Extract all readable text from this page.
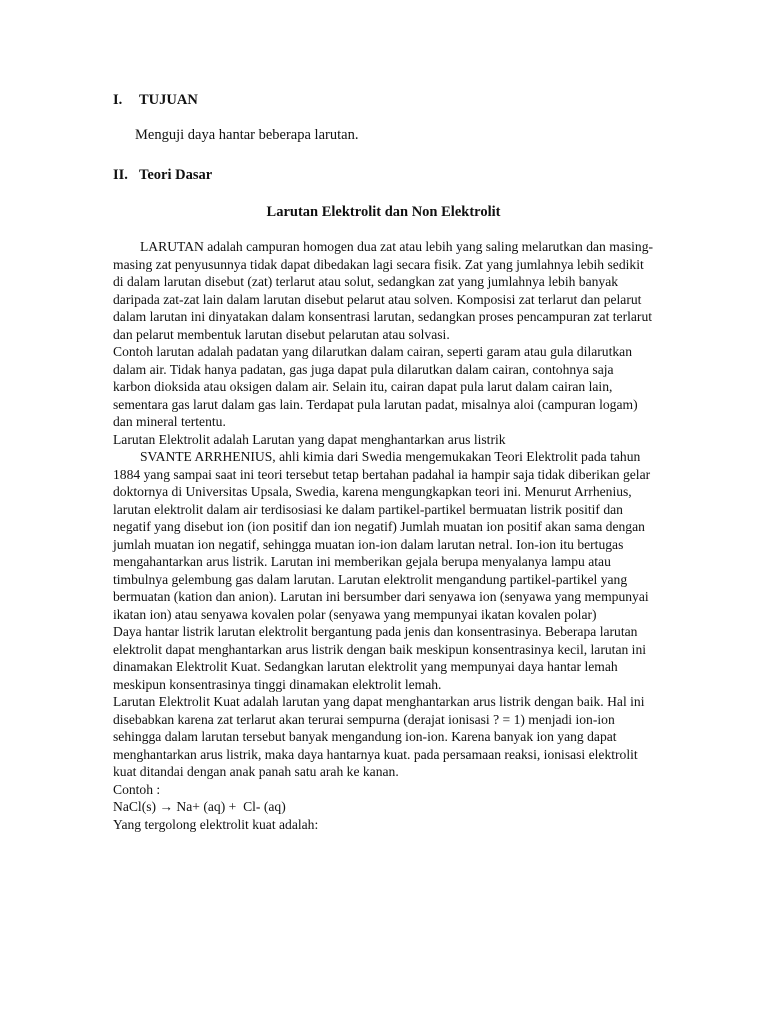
I. TUJUAN

Menguji daya hantar beberapa larutan.

II. Teori Dasar
Larutan Elektrolit dan Non Elektrolit

LARUTAN adalah campuran homogen dua zat atau lebih yang saling melarutkan dan masing-masing zat penyusunnya tidak dapat dibedakan lagi secara fisik. Zat yang jumlahnya lebih sedikit di dalam larutan disebut (zat) terlarut atau solut, sedangkan zat yang jumlahnya lebih banyak daripada zat-zat lain dalam larutan disebut pelarut atau solven. Komposisi zat terlarut dan pelarut dalam larutan ini dinyatakan dalam konsentrasi larutan, sedangkan proses pencampuran zat terlarut dan pelarut membentuk larutan disebut pelarutan atau solvasi.

Contoh larutan adalah padatan yang dilarutkan dalam cairan, seperti garam atau gula dilarutkan dalam air. Tidak hanya padatan, gas juga dapat pula dilarutkan dalam cairan, contohnya saja karbon dioksida atau oksigen dalam air. Selain itu, cairan dapat pula larut dalam cairan lain, sementara gas larut dalam gas lain. Terdapat pula larutan padat, misalnya aloi (campuran logam) dan mineral tertentu.

Larutan Elektrolit adalah Larutan yang dapat menghantarkan arus listrik

SVANTE ARRHENIUS, ahli kimia dari Swedia mengemukakan Teori Elektrolit pada tahun 1884 yang sampai saat ini teori tersebut tetap bertahan padahal ia hampir saja tidak diberikan gelar doktornya di Universitas Upsala, Swedia, karena mengungkapkan teori ini. Menurut Arrhenius, larutan elektrolit dalam air terdisosiasi ke dalam partikel-partikel bermuatan listrik positif dan negatif yang disebut ion (ion positif dan ion negatif) Jumlah muatan ion positif akan sama dengan jumlah muatan ion negatif, sehingga muatan ion-ion dalam larutan netral. Ion-ion itu bertugas mengahantarkan arus listrik. Larutan ini memberikan gejala berupa menyalanya lampu atau timbulnya gelembung gas dalam larutan. Larutan elektrolit mengandung partikel-partikel yang bermuatan (kation dan anion). Larutan ini bersumber dari senyawa ion (senyawa yang mempunyai ikatan ion) atau senyawa kovalen polar (senyawa yang mempunyai ikatan kovalen polar)

Daya hantar listrik larutan elektrolit bergantung pada jenis dan konsentrasinya. Beberapa larutan elektrolit dapat menghantarkan arus listrik dengan baik meskipun konsentrasinya kecil, larutan ini dinamakan Elektrolit Kuat. Sedangkan larutan elektrolit yang mempunyai daya hantar lemah meskipun konsentrasinya tinggi dinamakan elektrolit lemah.

Larutan Elektrolit Kuat adalah larutan yang dapat menghantarkan arus listrik dengan baik. Hal ini disebabkan karena zat terlarut akan terurai sempurna (derajat ionisasi ? = 1) menjadi ion-ion sehingga dalam larutan tersebut banyak mengandung ion-ion. Karena banyak ion yang dapat menghantarkan arus listrik, maka daya hantarnya kuat. pada persamaan reaksi, ionisasi elektrolit kuat ditandai dengan anak panah satu arah ke kanan.

Contoh :

NaCl(s) → Na+ (aq) +  Cl- (aq)

Yang tergolong elektrolit kuat adalah:
